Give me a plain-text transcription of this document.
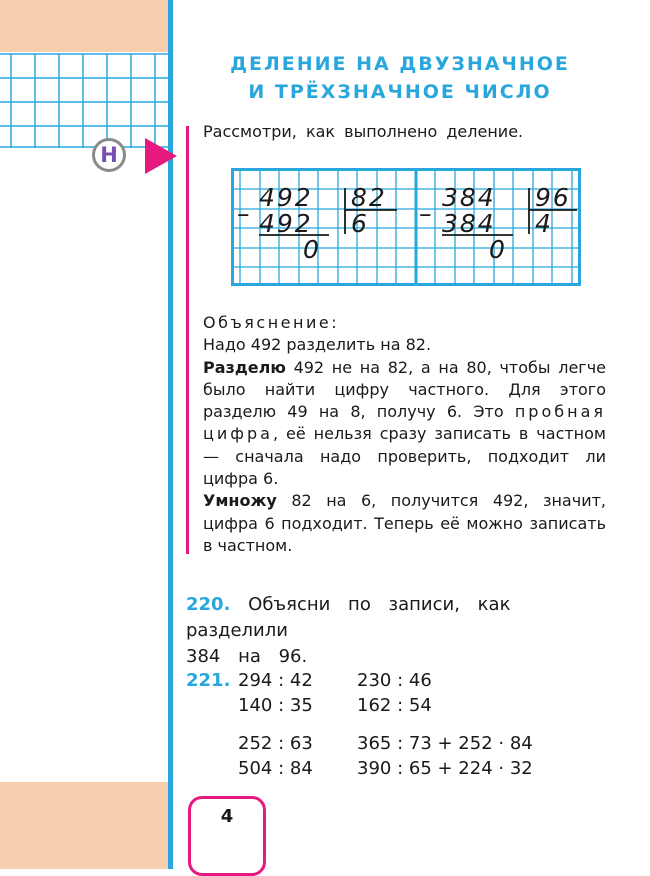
ДЕЛЕНИЕ НА ДВУЗНАЧНОЕ
И ТРЁХЗНАЧНОЕ ЧИСЛО
Н

Рассмотри, как выполнено деление.

–
492
492
82
6
0
–
384
384
96
4
0

Объяснение:

Надо 492 разделить на 82.

Разделю 492 не на 82, а на 80, чтобы легче было найти цифру частного. Для этого разделю 49 на 8, получу 6. Это пробная цифра, её нельзя сразу записать в частном — сначала надо проверить, подходит ли цифра 6.

Умножу 82 на 6, получится 492, значит, цифра 6 подходит. Теперь её можно записать в частном.

220. Объясни по записи, как разделили
384 на 96.
221. 294 : 42 230 : 46
140 : 35 162 : 54
252 : 63 365 : 73 + 252 · 84
504 : 84 390 : 65 + 224 · 32
4
